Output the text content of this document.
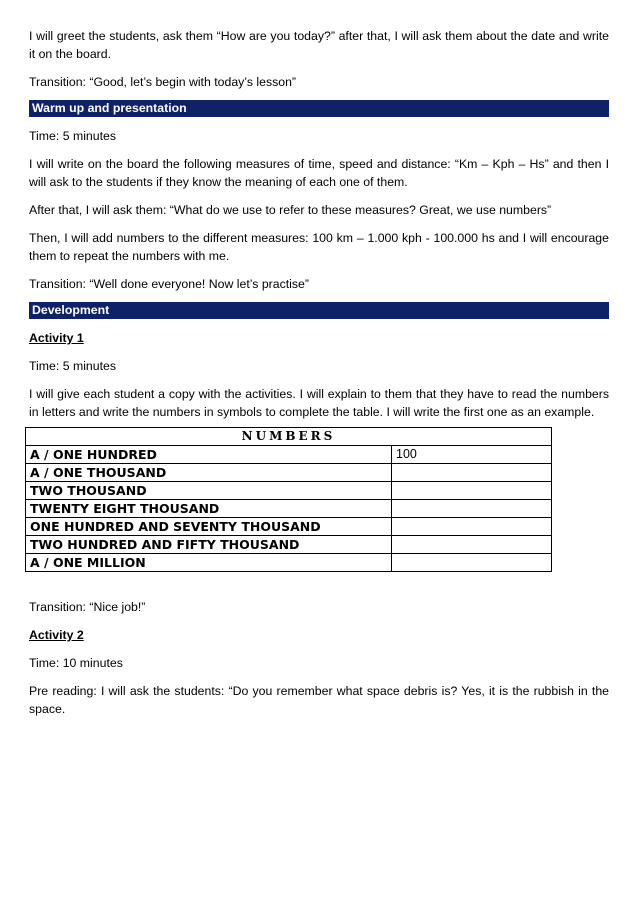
I will greet the students, ask them “How are you today?” after that, I will ask them about the date and write it on the board.

Transition: “Good, let’s begin with today’s lesson”

Warm up and presentation

Time: 5 minutes

I will write on the board the following measures of time, speed and distance: “Km – Kph – Hs” and then I will ask to the students if they know the meaning of each one of them.

After that, I will ask them: “What do we use to refer to these measures? Great, we use numbers”

Then, I will add numbers to the different measures: 100 km – 1.000 kph - 100.000 hs and I will encourage them to repeat the numbers with me.

Transition: “Well done everyone! Now let’s practise”

Development

Activity 1

Time: 5 minutes

I will give each student a copy with the activities. I will explain to them that they have to read the numbers in letters and write the numbers in symbols to complete the table. I will write the first one as an example.

NUMBERS	
A / ONE HUNDRED	100
A / ONE THOUSAND	
TWO THOUSAND	
TWENTY EIGHT THOUSAND	
ONE HUNDRED AND SEVENTY THOUSAND	
TWO HUNDRED AND FIFTY THOUSAND	
A / ONE MILLION	

Transition: “Nice job!”

Activity 2

Time: 10 minutes

Pre reading: I will ask the students: “Do you remember what space debris is? Yes, it is the rubbish in the space.
